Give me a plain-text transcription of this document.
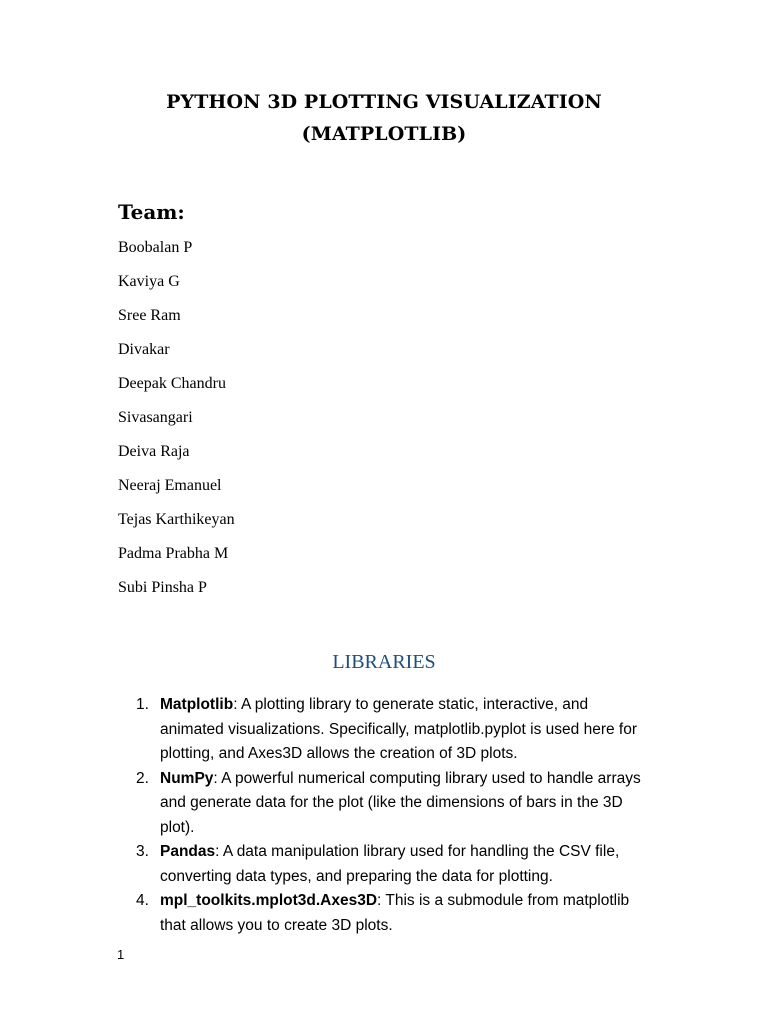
PYTHON 3D PLOTTING VISUALIZATION
(MATPLOTLIB)
Team:
Boobalan P
Kaviya G
Sree Ram
Divakar
Deepak Chandru
Sivasangari
Deiva Raja
Neeraj Emanuel
Tejas Karthikeyan
Padma Prabha M
Subi Pinsha P
LIBRARIES
1. Matplotlib: A plotting library to generate static, interactive, and animated visualizations. Specifically, matplotlib.pyplot is used here for plotting, and Axes3D allows the creation of 3D plots.
2. NumPy: A powerful numerical computing library used to handle arrays and generate data for the plot (like the dimensions of bars in the 3D plot).
3. Pandas: A data manipulation library used for handling the CSV file, converting data types, and preparing the data for plotting.
4. mpl_toolkits.mplot3d.Axes3D: This is a submodule from matplotlib that allows you to create 3D plots.
1
